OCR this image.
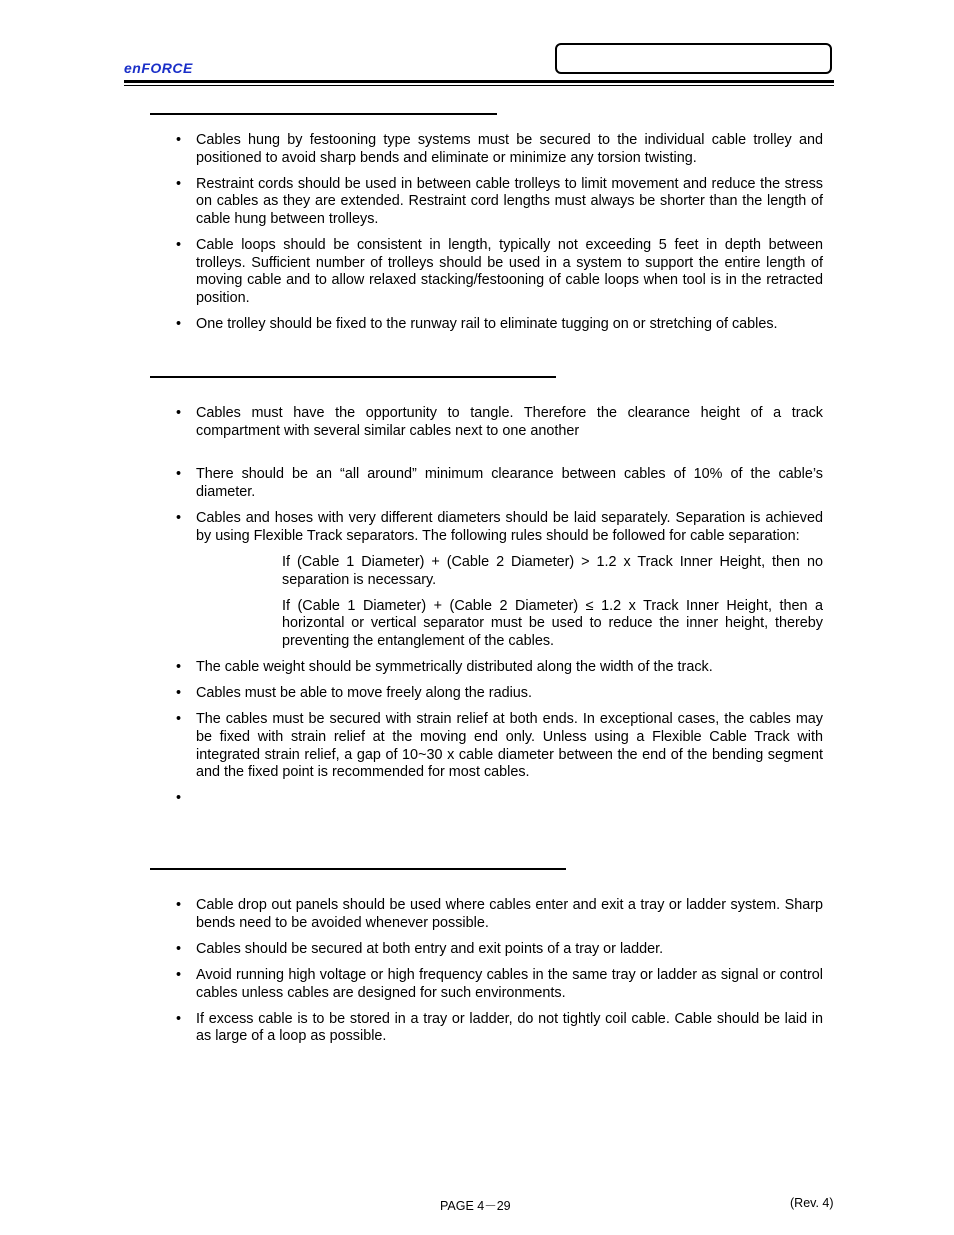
enFORCE
• Cables hung by festooning type systems must be secured to the individual cable trolley and positioned to avoid sharp bends and eliminate or minimize any torsion twisting.
• Restraint cords should be used in between cable trolleys to limit movement and reduce the stress on cables as they are extended. Restraint cord lengths must always be shorter than the length of cable hung between trolleys.
• Cable loops should be consistent in length, typically not exceeding 5 feet in depth between trolleys. Sufficient number of trolleys should be used in a system to support the entire length of moving cable and to allow relaxed stacking/festooning of cable loops when tool is in the retracted position.
• One trolley should be fixed to the runway rail to eliminate tugging on or stretching of cables.
• Cables must have the opportunity to tangle. Therefore the clearance height of a track compartment with several similar cables next to one another
• There should be an “all around” minimum clearance between cables of 10% of the cable’s diameter.
• Cables and hoses with very different diameters should be laid separately. Separation is achieved by using Flexible Track separators. The following rules should be followed for cable separation:
If (Cable 1 Diameter) + (Cable 2 Diameter) > 1.2 x Track Inner Height, then no separation is necessary.
If (Cable 1 Diameter) + (Cable 2 Diameter) ≤ 1.2 x Track Inner Height, then a horizontal or vertical separator must be used to reduce the inner height, thereby preventing the entanglement of the cables.
• The cable weight should be symmetrically distributed along the width of the track.
• Cables must be able to move freely along the radius.
• The cables must be secured with strain relief at both ends. In exceptional cases, the cables may be fixed with strain relief at the moving end only. Unless using a Flexible Cable Track with integrated strain relief, a gap of 10~30 x cable diameter between the end of the bending segment and the fixed point is recommended for most cables.
• Cable drop out panels should be used where cables enter and exit a tray or ladder system. Sharp bends need to be avoided whenever possible.
• Cables should be secured at both entry and exit points of a tray or ladder.
• Avoid running high voltage or high frequency cables in the same tray or ladder as signal or control cables unless cables are designed for such environments.
• If excess cable is to be stored in a tray or ladder, do not tightly coil cable. Cable should be laid in as large of a loop as possible.
PAGE 4－29	(Rev. 4)
